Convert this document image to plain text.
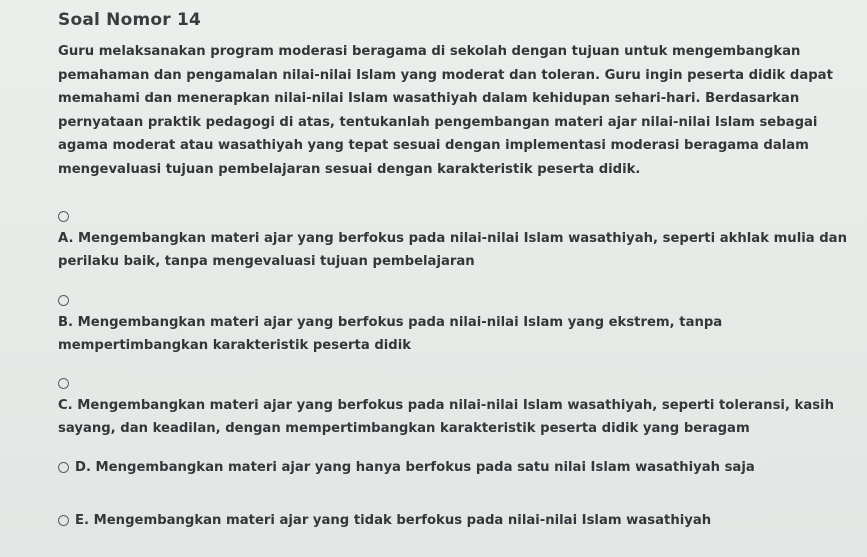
Soal Nomor 14
Guru melaksanakan program moderasi beragama di sekolah dengan tujuan untuk mengembangkan pemahaman dan pengamalan nilai-nilai Islam yang moderat dan toleran. Guru ingin peserta didik dapat memahami dan menerapkan nilai-nilai Islam wasathiyah dalam kehidupan sehari-hari. Berdasarkan pernyataan praktik pedagogi di atas, tentukanlah pengembangan materi ajar nilai-nilai Islam sebagai agama moderat atau wasathiyah yang tepat sesuai dengan implementasi moderasi beragama dalam mengevaluasi tujuan pembelajaran sesuai dengan karakteristik peserta didik.
A. Mengembangkan materi ajar yang berfokus pada nilai-nilai Islam wasathiyah, seperti akhlak mulia dan perilaku baik, tanpa mengevaluasi tujuan pembelajaran
B. Mengembangkan materi ajar yang berfokus pada nilai-nilai Islam yang ekstrem, tanpa mempertimbangkan karakteristik peserta didik
C. Mengembangkan materi ajar yang berfokus pada nilai-nilai Islam wasathiyah, seperti toleransi, kasih sayang, dan keadilan, dengan mempertimbangkan karakteristik peserta didik yang beragam
D. Mengembangkan materi ajar yang hanya berfokus pada satu nilai Islam wasathiyah saja
E. Mengembangkan materi ajar yang tidak berfokus pada nilai-nilai Islam wasathiyah
